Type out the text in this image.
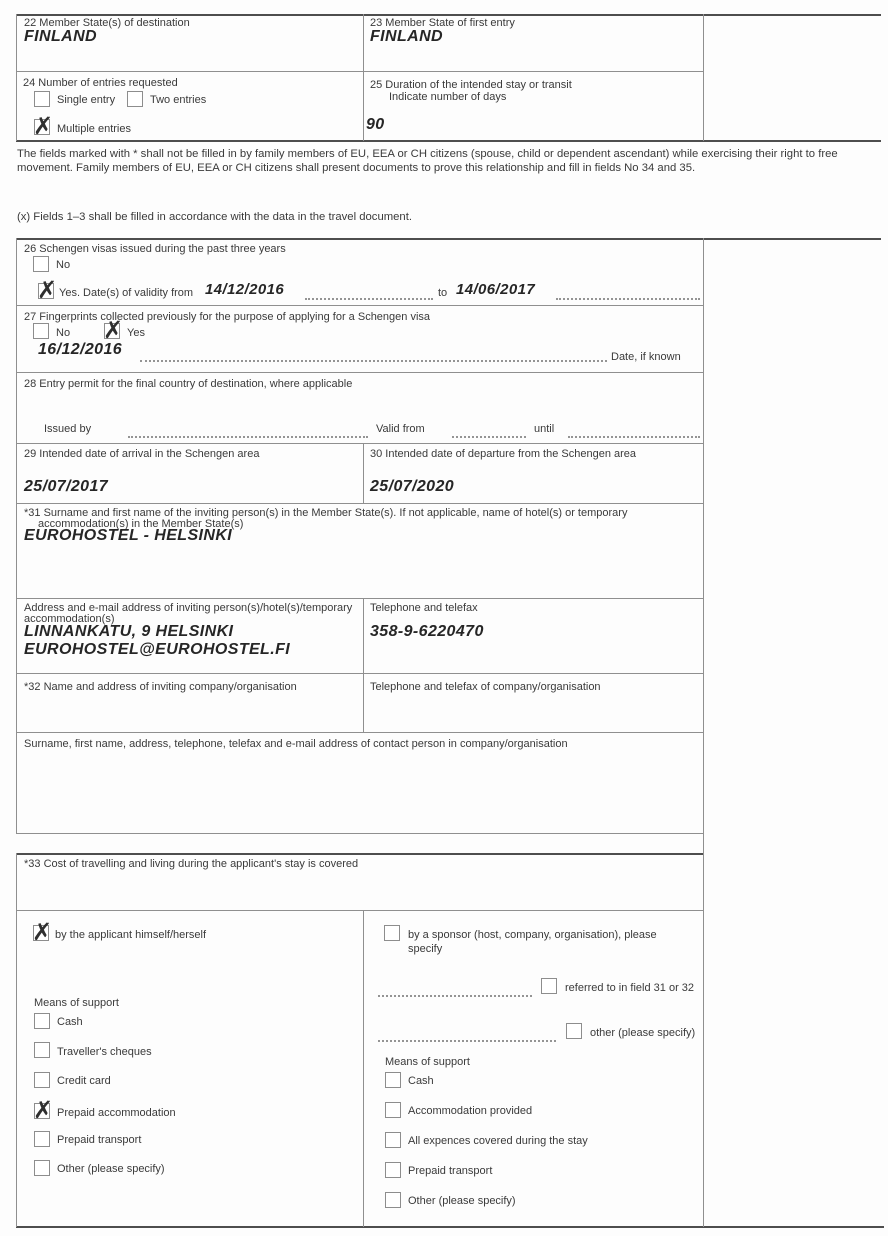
22 Member State(s) of destination
FINLAND
23 Member State of first entry
FINLAND
24 Number of entries requested
Single entry	Two entries
✗
Multiple entries
25 Duration of the intended stay or transit
Indicate number of days
90
The fields marked with * shall not be filled in by family members of EU, EEA or CH citizens (spouse, child or dependent ascendant) while exercising their right to free movement. Family members of EU, EEA or CH citizens shall present documents to prove this relationship and fill in fields No 34 and 35.
(x) Fields 1–3 shall be filled in accordance with the data in the travel document.
26 Schengen visas issued during the past three years
No
✗
Yes. Date(s) of validity from 14/12/2016	to 14/06/2017
27 Fingerprints collected previously for the purpose of applying for a Schengen visa
No ✗	Yes
16/12/2016	Date, if known
28 Entry permit for the final country of destination, where applicable
Issued by	Valid from	until
29 Intended date of arrival in the Schengen area
25/07/2017
30 Intended date of departure from the Schengen area
25/07/2020
*31 Surname and first name of the inviting person(s) in the Member State(s). If not applicable, name of hotel(s) or temporary
accommodation(s) in the Member State(s)
EUROHOSTEL - HELSINKI
Address and e-mail address of inviting person(s)/hotel(s)/temporary
accommodation(s)
LINNANKATU, 9 HELSINKI
EUROHOSTEL@EUROHOSTEL.FI
Telephone and telefax
358-9-6220470
*32 Name and address of inviting company/organisation	Telephone and telefax of company/organisation
Surname, first name, address, telephone, telefax and e-mail address of contact person in company/organisation
*33 Cost of travelling and living during the applicant's stay is covered
✗
by the applicant himself/herself
Means of support
Cash
Traveller's cheques
Credit card
✗
Prepaid accommodation
Prepaid transport
Other (please specify)
by a sponsor (host, company, organisation), please specify
referred to in field 31 or 32
other (please specify)
Means of support
Cash
Accommodation provided
All expences covered during the stay
Prepaid transport
Other (please specify)
